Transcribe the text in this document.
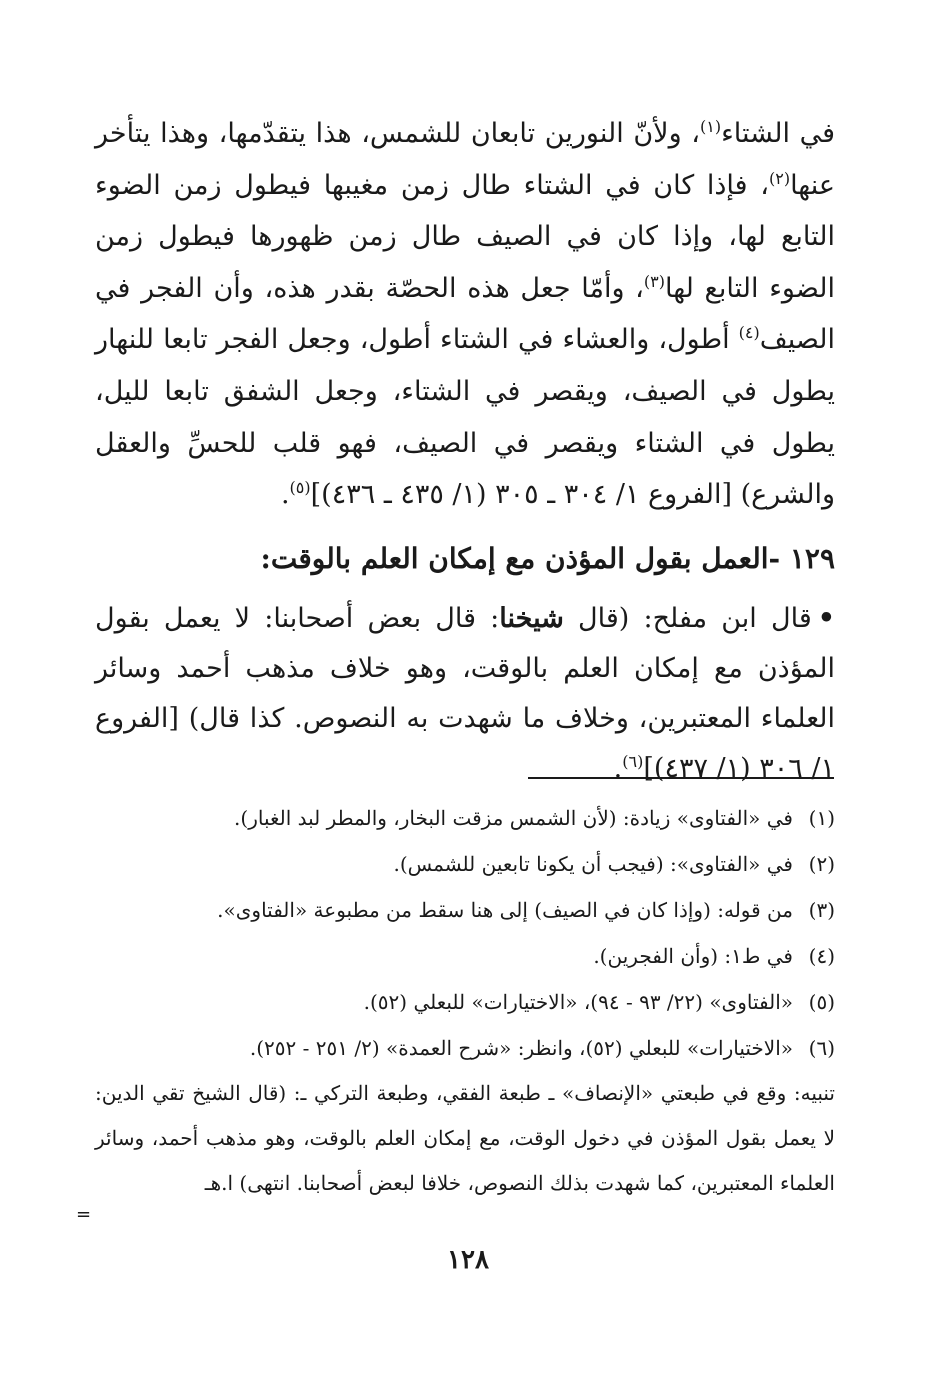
في الشتاء$^{(١)}$، ولأنّ النورين تابعان للشمس، هذا يتقدّمها، وهذا يتأخر عنها$^{(٢)}$، فإذا كان في الشتاء طال زمن مغيبها فيطول زمن الضوء التابع لها، وإذا كان في الصيف طال زمن ظهورها فيطول زمن الضوء التابع لها$^{(٣)}$، وأمّا جعل هذه الحصّة بقدر هذه، وأن الفجر في الصيف$^{(٤)}$ أطول، والعشاء في الشتاء أطول، وجعل الفجر تابعا للنهار يطول في الصيف، ويقصر في الشتاء، وجعل الشفق تابعا لليل، يطول في الشتاء ويقصر في الصيف، فهو قلب للحسِّ والعقل والشرع) [الفروع ١/ ٣٠٤ ـ ٣٠٥ (١/ ٤٣٥ ـ ٤٣٦)]$^{(٥)}$.

١٢٩ -العمل بقول المؤذن مع إمكان العلم بالوقت:

•قال ابن مفلح: (قال شيخنا: قال بعض أصحابنا: لا يعمل بقول المؤذن مع إمكان العلم بالوقت، وهو خلاف مذهب أحمد وسائر العلماء المعتبرين، وخلاف ما شهدت به النصوص. كذا قال) [الفروع ١/ ٣٠٦ (١/ ٤٣٧)]$^{(٦)}$.

(١)في «الفتاوى» زيادة: (لأن الشمس مزقت البخار، والمطر لبد الغبار).

(٢)في «الفتاوى»: (فيجب أن يكونا تابعين للشمس).

(٣)من قوله: (وإذا كان في الصيف) إلى هنا سقط من مطبوعة «الفتاوى».

(٤)في ط١: (وأن الفجرين).

(٥)«الفتاوى» (٢٢/ ٩٣ - ٩٤)، «الاختيارات» للبعلي (٥٢).

(٦)«الاختيارات» للبعلي (٥٢)، وانظر: «شرح العمدة» (٢/ ٢٥١ - ٢٥٢).

تنبيه: وقع في طبعتي «الإنصاف» ـ طبعة الفقي، وطبعة التركي ـ: (قال الشيخ تقي الدين: لا يعمل بقول المؤذن في دخول الوقت، مع إمكان العلم بالوقت، وهو مذهب أحمد، وسائر العلماء المعتبرين، كما شهدت بذلك النصوص، خلافا لبعض أصحابنا. انتهى) ا.هـ

=
١٢٨
